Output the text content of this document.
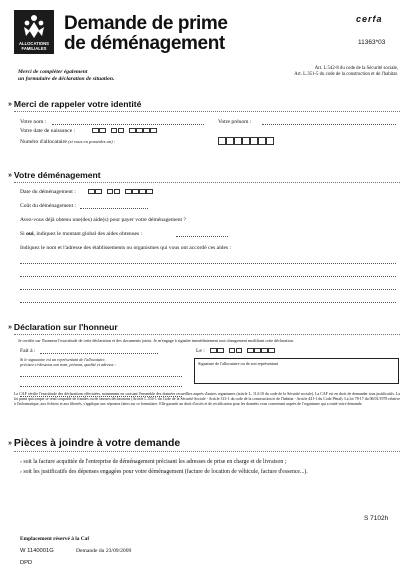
ALLOCATIONS FAMILIALES
Demande de prime
de déménagement
cerfa
11363*03
Merci de compléter également
un formulaire de déclaration de situation.
Art. L 542-8 du code de la Sécurité sociale,
Art. L.351-5 du code de la construction et de l'habitat.
» Merci de rappeler votre identité
Votre nom :	Votre prénom :
Votre date de naissance :
Numéro d'allocataire (si vous en possédez un) :
» Votre déménagement
Date du déménagement :
Coût du déménagement :
Avez-vous déjà obtenu une(des) aide(s) pour payer votre déménagement ?
Si oui, indiquez le montant global des aides obtenues :
Indiquez le nom et l'adresse des établissements ou organismes qui vous ont accordé ces aides :
» Déclaration sur l'honneur
Je certifie sur l'honneur l'exactitude de cette déclaration et des documents joints. Je m'engage à signaler immédiatement tout changement modifiant cette déclaration.
Fait à :	Le :
Si le signataire est un représentant de l'allocataire,
précisez ci-dessous son nom, prénom, qualité et adresse :	Signature de l'allocataire ou de son représentant
La CAF vérifie l'exactitude des déclarations effectuées, notamment en croisant l'ensemble des données recueillies auprès d'autres organismes (article L. 114-10 du code de la Sécurité sociale). La CAF est en droit de demander tous justificatifs. La loi punit quiconque se rend coupable de fraudes ou de fausses déclarations (Article L.554-1 du Code de la Sécurité Sociale - Article 313-1 du code de la construction et de l'habitat - Article 441-1 du Code Pénal). La loi 78-17 du 06/01/1978 relative à l'informatique, aux fichiers et aux libertés, s'applique aux réponses faites sur ce formulaire. Elle garantit un droit d'accès et de rectification pour les données vous concernant auprès de l'organisme qui a traité votre demande.
» Pièces à joindre à votre demande
› soit la facture acquittée de l'entreprise de déménagement précisant les adresses de prise en charge et de livraison ;
› soit les justificatifs des dépenses engagées pour votre déménagement (facture de location de véhicule, facture d'essence...).
S 7102h
Emplacement réservé à la Caf
W 1140001G	Demande du 23/09/2009
DPD
